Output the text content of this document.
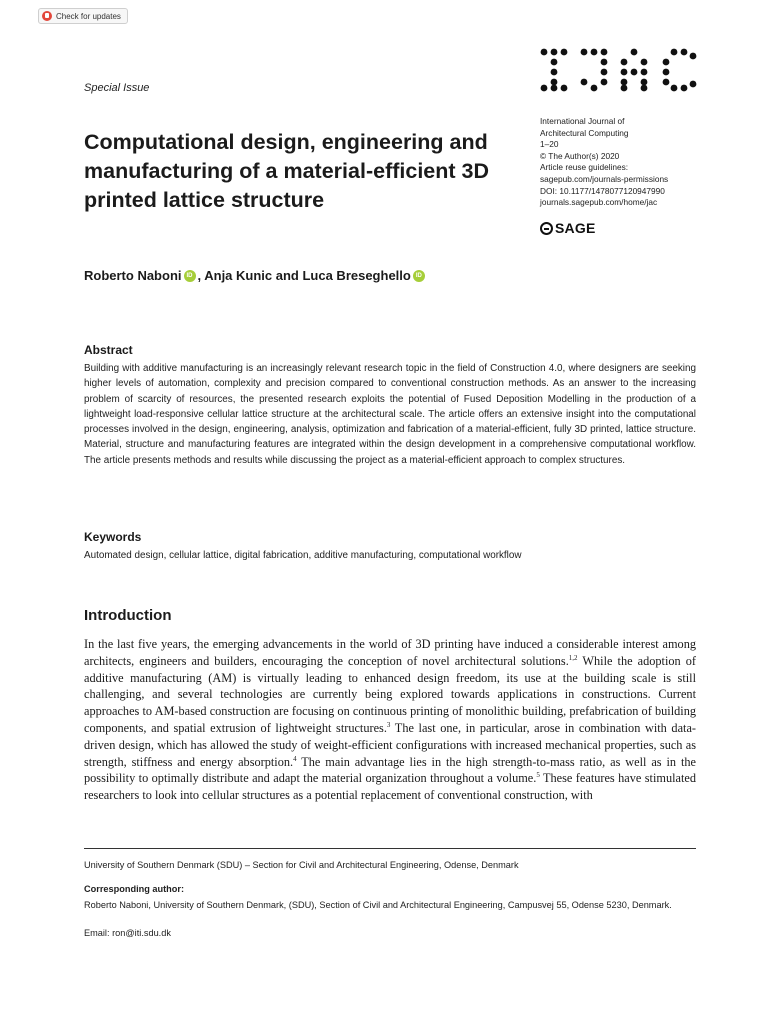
Check for updates
Special Issue
International Journal of
Architectural Computing
1–20
© The Author(s) 2020
Article reuse guidelines:
sagepub.com/journals-permissions
DOI: 10.1177/1478077120947990
journals.sagepub.com/home/jac
SAGE
Computational design, engineering and manufacturing of a material-efficient 3D printed lattice structure
Roberto Naboni ID , Anja Kunic and Luca Breseghello ID
Abstract

Building with additive manufacturing is an increasingly relevant research topic in the field of Construction 4.0, where designers are seeking higher levels of automation, complexity and precision compared to conventional construction methods. As an answer to the increasing problem of scarcity of resources, the presented research exploits the potential of Fused Deposition Modelling in the production of a lightweight load-responsive cellular lattice structure at the architectural scale. The article offers an extensive insight into the computational processes involved in the design, engineering, analysis, optimization and fabrication of a material-efficient, fully 3D printed, lattice structure. Material, structure and manufacturing features are integrated within the design development in a comprehensive computational workflow. The article presents methods and results while discussing the project as a material-efficient approach to complex structures.

Keywords

Automated design, cellular lattice, digital fabrication, additive manufacturing, computational workflow

Introduction

In the last five years, the emerging advancements in the world of 3D printing have induced a considerable interest among architects, engineers and builders, encouraging the conception of novel architectural solutions.$^{1,2}$ While the adoption of additive manufacturing (AM) is virtually leading to enhanced design freedom, its use at the building scale is still challenging, and several technologies are currently being explored towards applications in constructions. Current approaches to AM-based construction are focusing on continuous printing of monolithic building, prefabrication of building components, and spatial extrusion of lightweight structures.$^3$ The last one, in particular, arose in combination with data-driven design, which has allowed the study of weight-efficient configurations with increased mechanical properties, such as strength, stiffness and energy absorption.$^4$ The main advantage lies in the high strength-to-mass ratio, as well as in the possibility to optimally distribute and adapt the material organization throughout a volume.$^5$ These features have stimulated researchers to look into cellular structures as a potential replacement of conventional construction, with

University of Southern Denmark (SDU) – Section for Civil and Architectural Engineering, Odense, Denmark
Corresponding author:
Roberto Naboni, University of Southern Denmark, (SDU), Section of Civil and Architectural Engineering, Campusvej 55, Odense 5230, Denmark.
Email: ron@iti.sdu.dk
